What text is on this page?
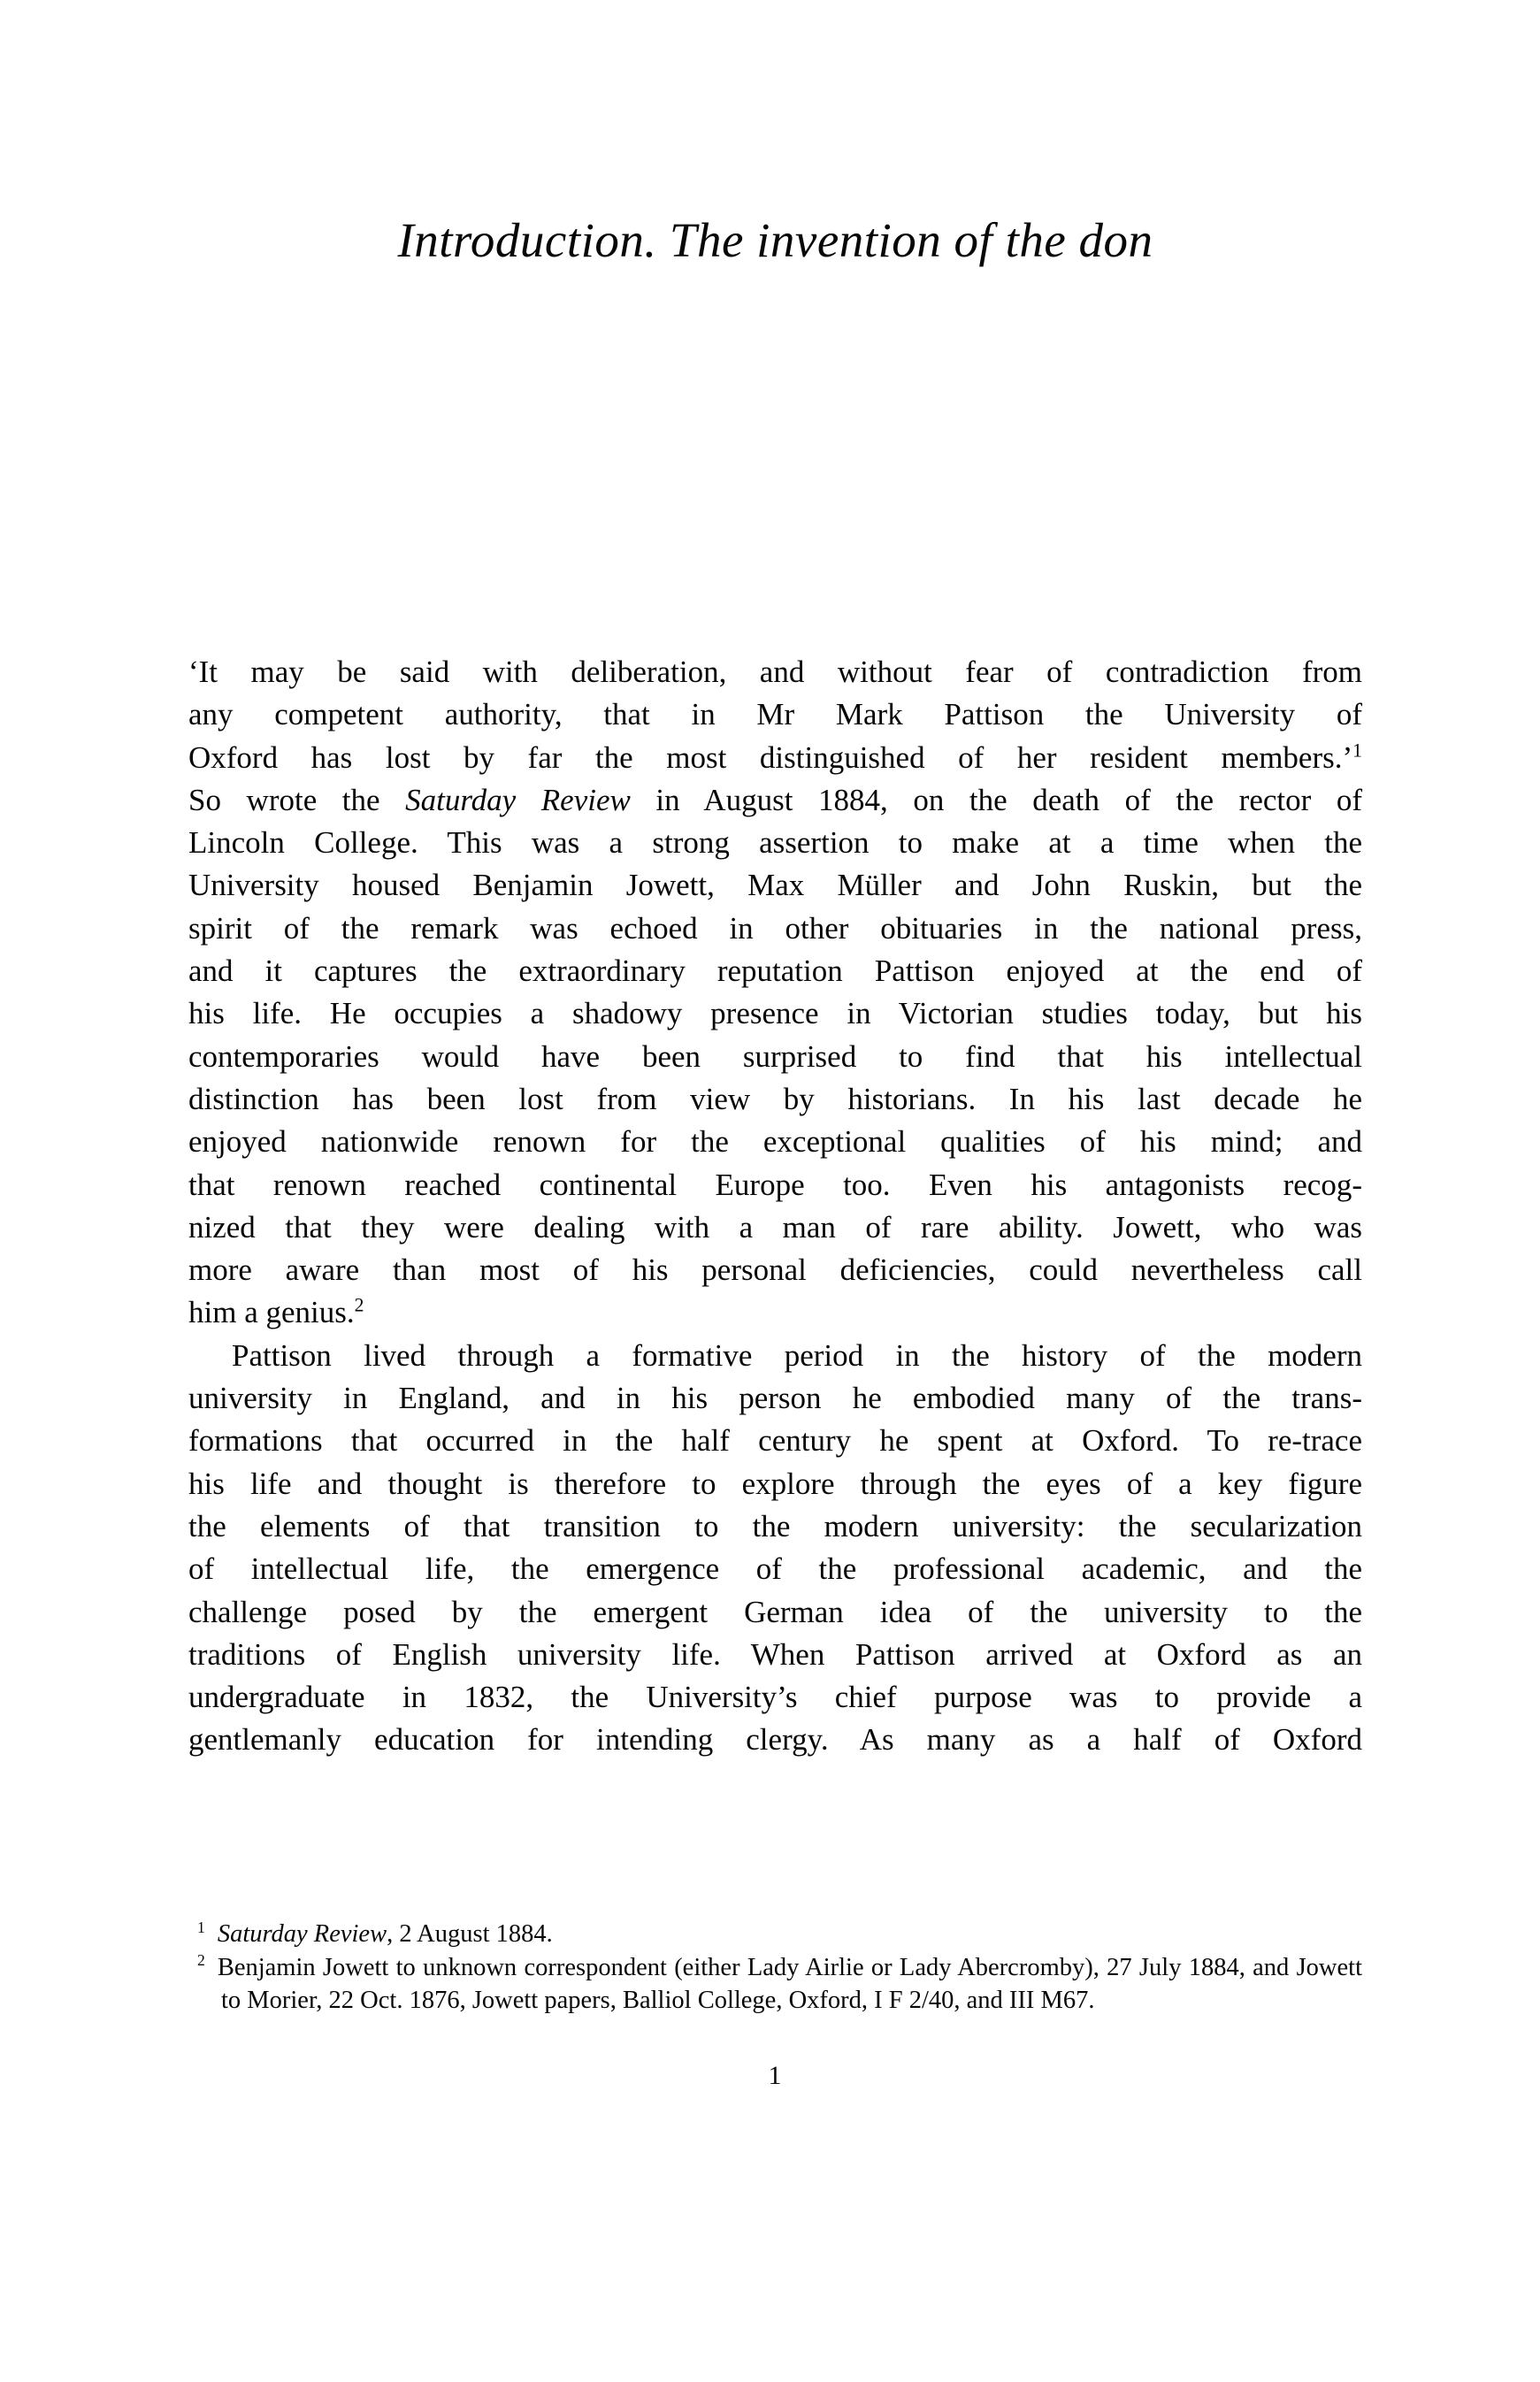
Introduction. The invention of the don
‘It may be said with deliberation, and without fear of contradiction from
any competent authority, that in Mr Mark Pattison the University of
Oxford has lost by far the most distinguished of her resident members.’$^1$
So wrote the Saturday Review in August 1884, on the death of the rector of
Lincoln College. This was a strong assertion to make at a time when the
University housed Benjamin Jowett, Max Müller and John Ruskin, but the
spirit of the remark was echoed in other obituaries in the national press,
and it captures the extraordinary reputation Pattison enjoyed at the end of
his life. He occupies a shadowy presence in Victorian studies today, but his
contemporaries would have been surprised to find that his intellectual
distinction has been lost from view by historians. In his last decade he
enjoyed nationwide renown for the exceptional qualities of his mind; and
that renown reached continental Europe too. Even his antagonists recog-
nized that they were dealing with a man of rare ability. Jowett, who was
more aware than most of his personal deficiencies, could nevertheless call
him a genius.$^2$
Pattison lived through a formative period in the history of the modern
university in England, and in his person he embodied many of the trans-
formations that occurred in the half century he spent at Oxford. To re-trace
his life and thought is therefore to explore through the eyes of a key figure
the elements of that transition to the modern university: the secularization
of intellectual life, the emergence of the professional academic, and the
challenge posed by the emergent German idea of the university to the
traditions of English university life. When Pattison arrived at Oxford as an
undergraduate in 1832, the University’s chief purpose was to provide a
gentlemanly education for intending clergy. As many as a half of Oxford
$^1$ Saturday Review, 2 August 1884.
$^2$ Benjamin Jowett to unknown correspondent (either Lady Airlie or Lady Abercromby), 27 July 1884, and Jowett to Morier, 22 Oct. 1876, Jowett papers, Balliol College, Oxford, I F 2/40, and III M67.
1
